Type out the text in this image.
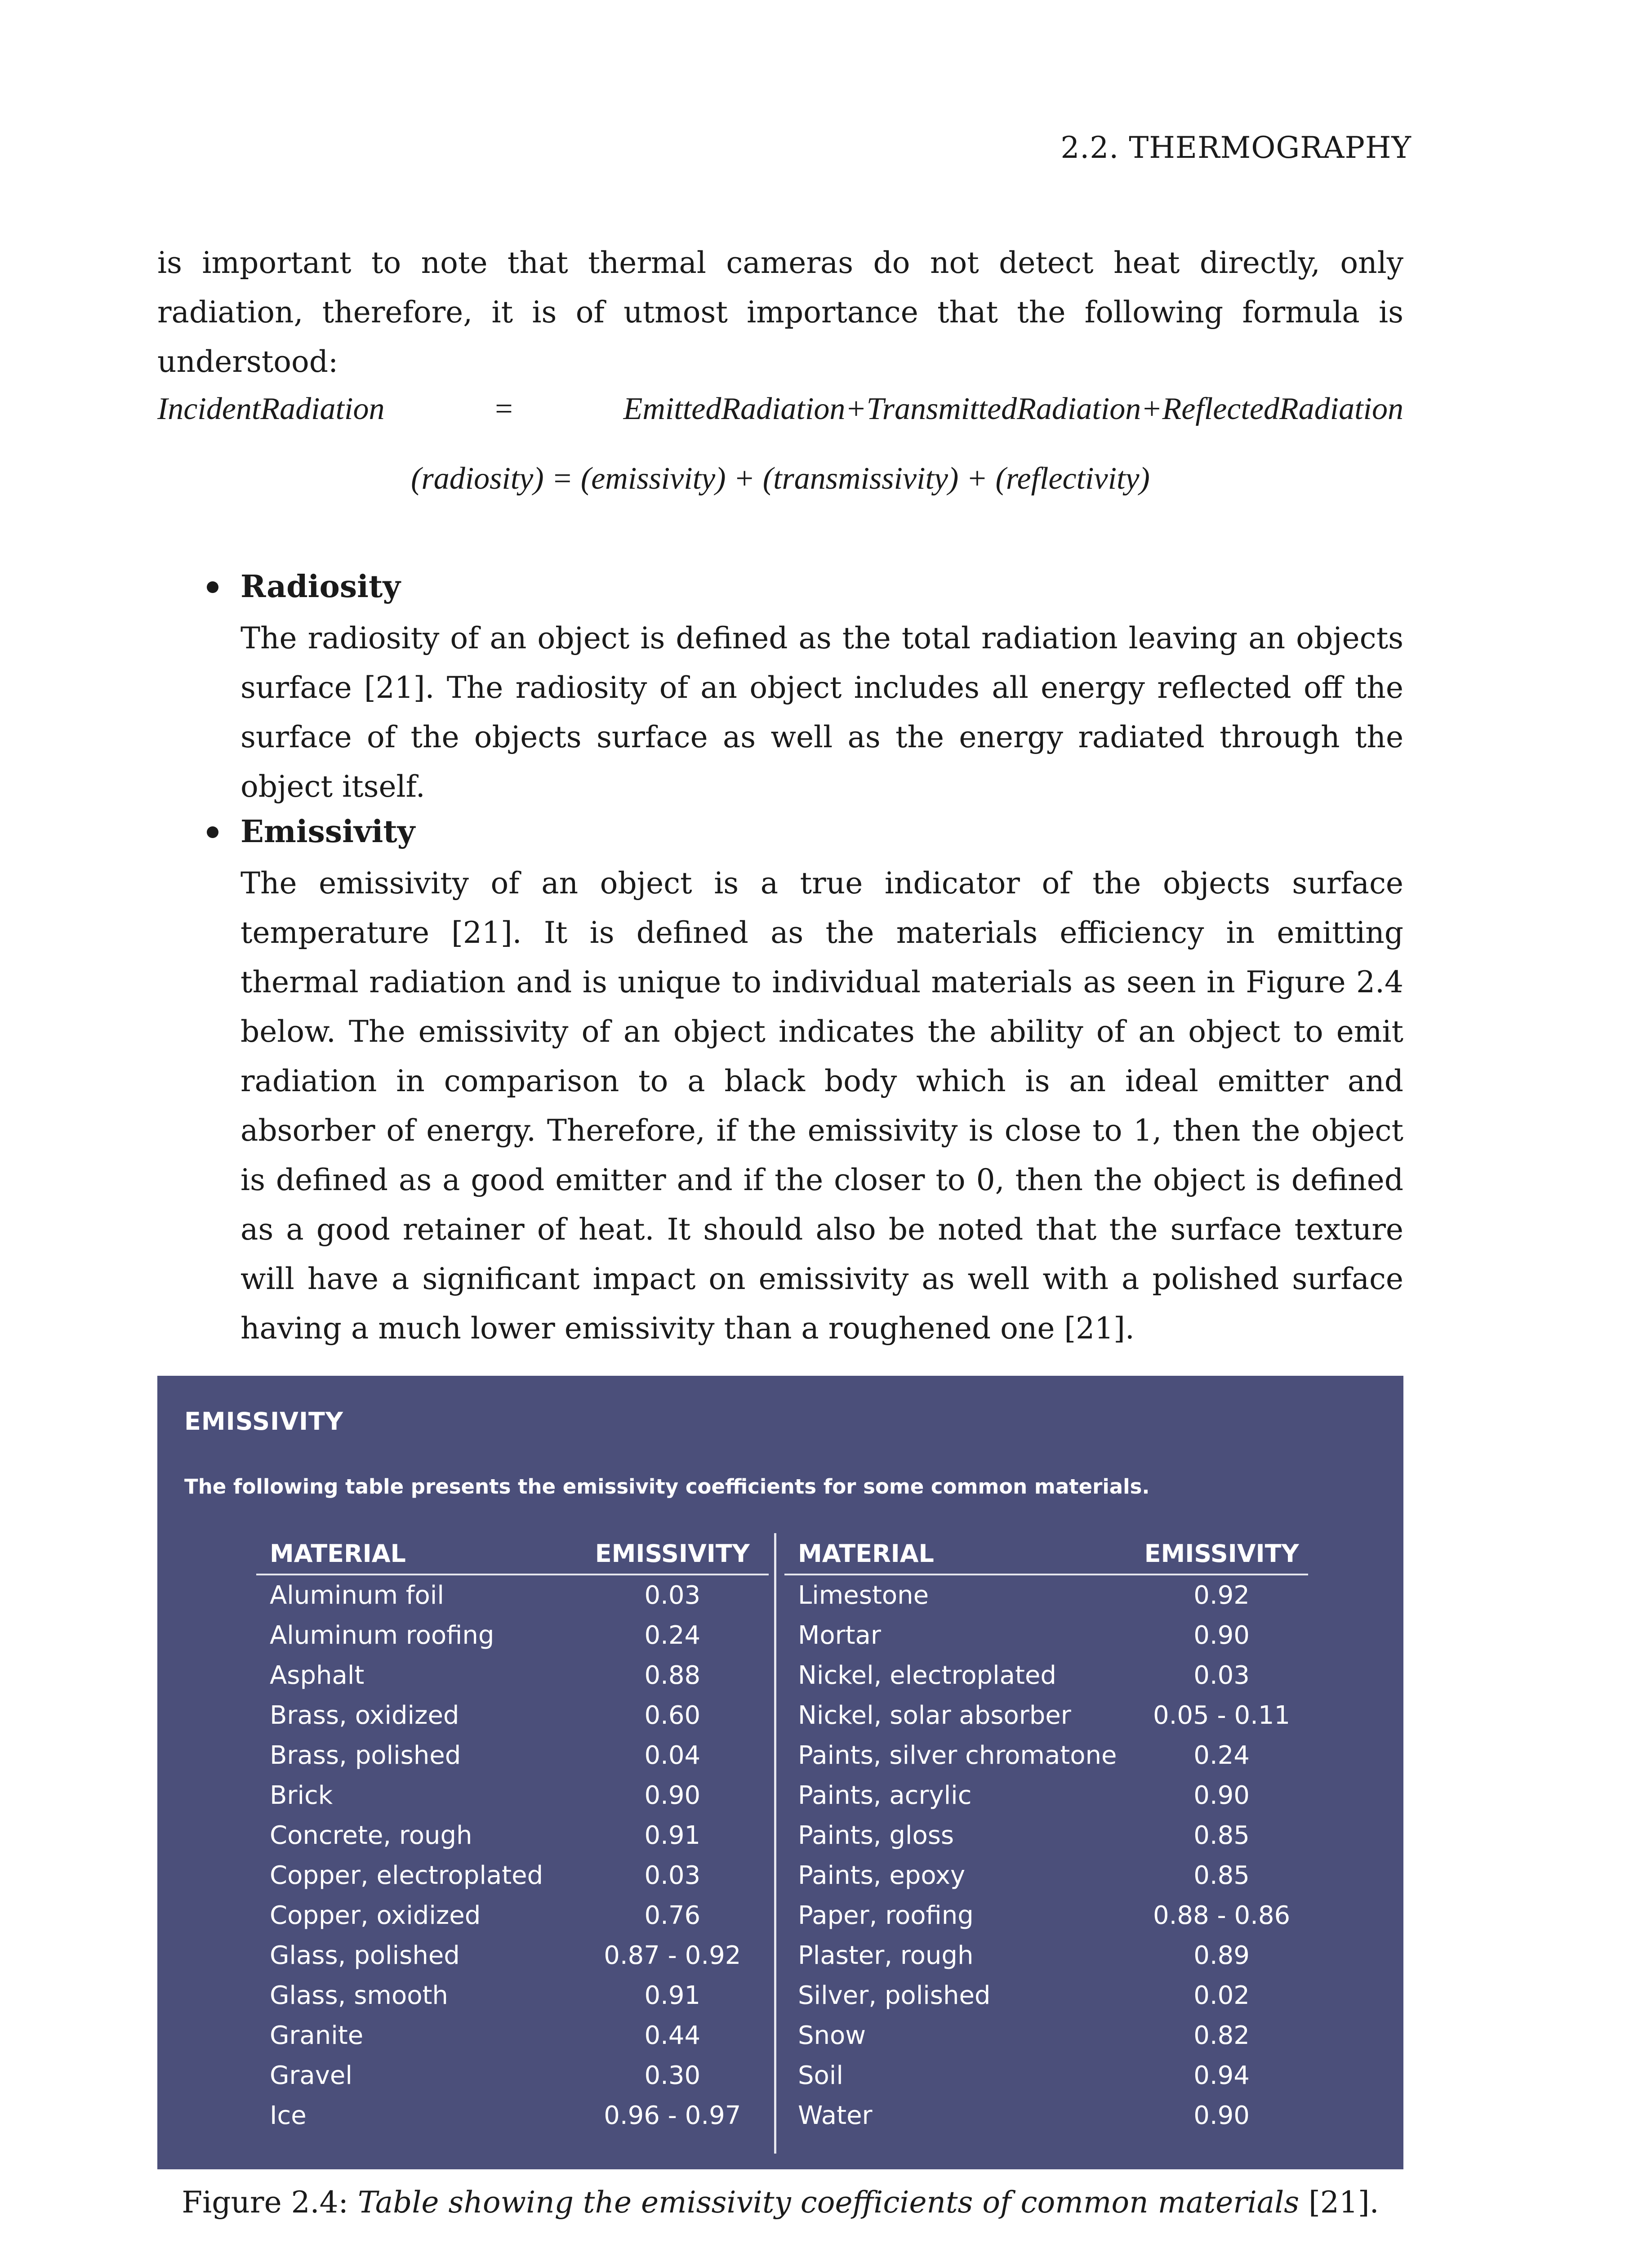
2.2. THERMOGRAPHY
is important to note that thermal cameras do not detect heat directly, only radiation, therefore, it is of utmost importance that the following formula is understood:
IncidentRadiation	=	EmittedRadiation+TransmittedRadiation+ReflectedRadiation
(radiosity) = (emissivity) + (transmissivity) + (reflectivity)
Radiosity
The radiosity of an object is defined as the total radiation leaving an objects surface [21]. The radiosity of an object includes all energy reflected off the surface of the objects surface as well as the energy radiated through the object itself.
Emissivity
The emissivity of an object is a true indicator of the objects surface temperature [21]. It is defined as the materials efficiency in emitting thermal radiation and is unique to individual materials as seen in Figure 2.4 below. The emissivity of an object indicates the ability of an object to emit radiation in comparison to a black body which is an ideal emitter and absorber of energy. Therefore, if the emissivity is close to 1, then the object is defined as a good emitter and if the closer to 0, then the object is defined as a good retainer of heat. It should also be noted that the surface texture will have a significant impact on emissivity as well with a polished surface having a much lower emissivity than a roughened one [21].
EMISSIVITY
The following table presents the emissivity coefficients for some common materials.
MATERIAL	EMISSIVITY
Aluminum foil	0.03
Aluminum roofing	0.24
Asphalt	0.88
Brass, oxidized	0.60
Brass, polished	0.04
Brick	0.90
Concrete, rough	0.91
Copper, electroplated	0.03
Copper, oxidized	0.76
Glass, polished	0.87 - 0.92
Glass, smooth	0.91
Granite	0.44
Gravel	0.30
Ice	0.96 - 0.97
MATERIAL	EMISSIVITY
Limestone	0.92
Mortar	0.90
Nickel, electroplated	0.03
Nickel, solar absorber	0.05 - 0.11
Paints, silver chromatone	0.24
Paints, acrylic	0.90
Paints, gloss	0.85
Paints, epoxy	0.85
Paper, roofing	0.88 - 0.86
Plaster, rough	0.89
Silver, polished	0.02
Snow	0.82
Soil	0.94
Water	0.90
Figure 2.4: Table showing the emissivity coefficients of common materials [21].
